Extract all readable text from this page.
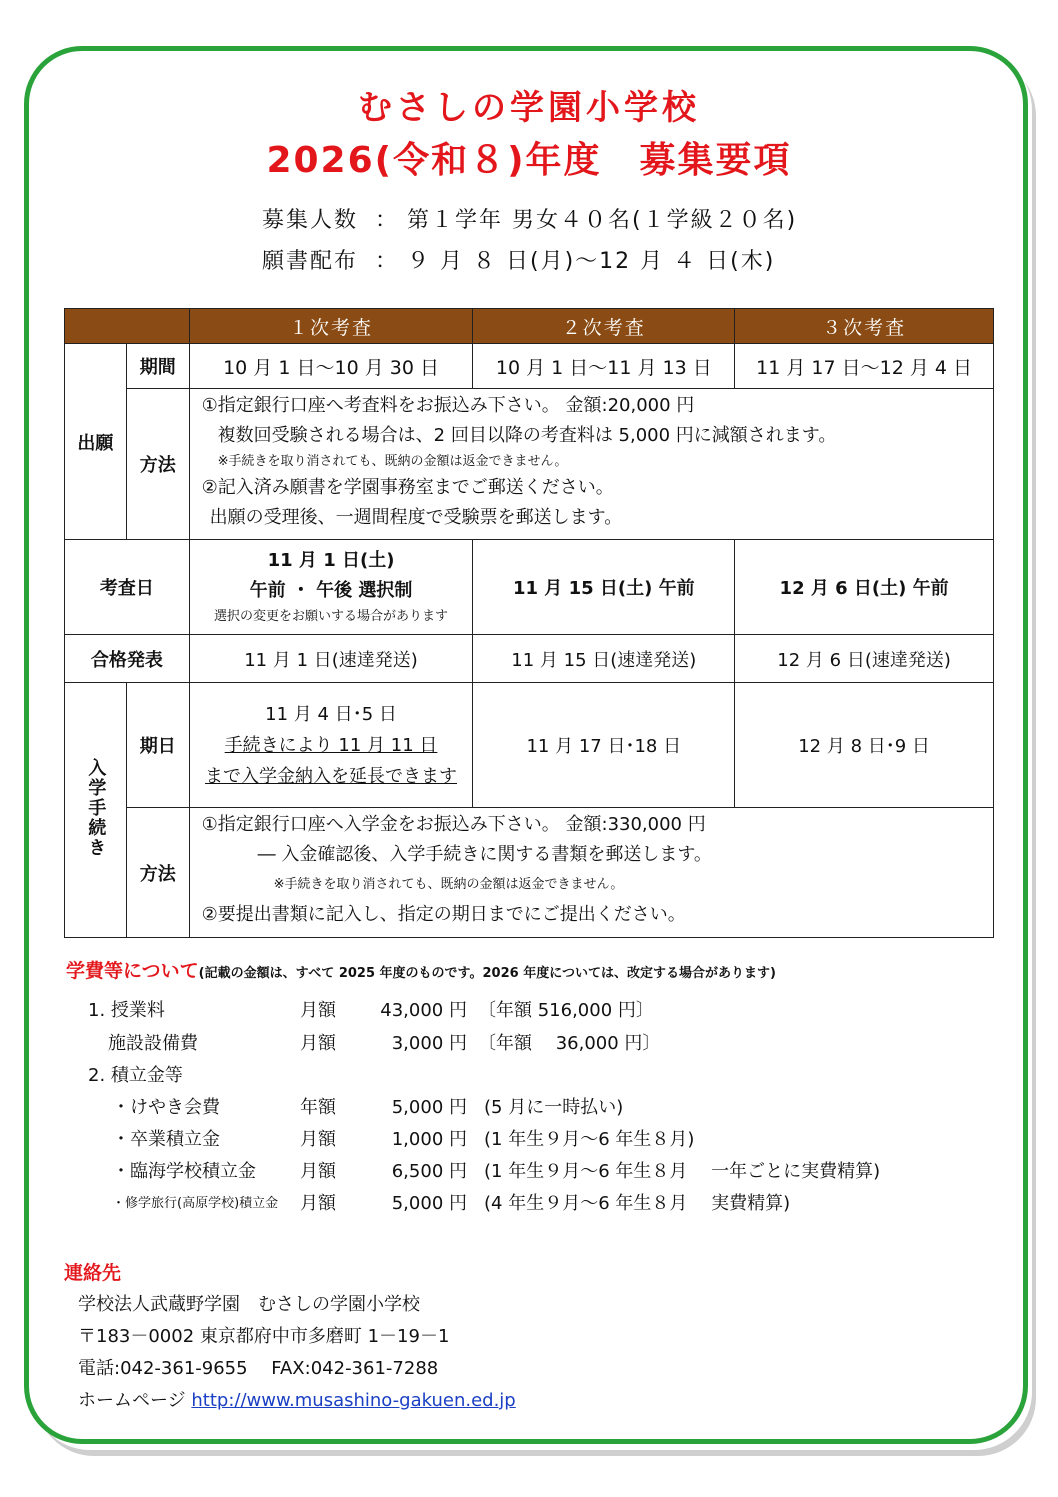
むさしの学園小学校
2026(令和８)年度　募集要項
募集人数 ： 第１学年 男女４０名(１学級２０名)
願書配布 ： ９ 月 ８ 日(月)～12 月 ４ 日(木)
		１次考査	２次考査	３次考査
出願	期間	10 月 1 日～10 月 30 日	10 月 1 日～11 月 13 日	11 月 17 日～12 月 4 日
	方法	①指定銀行口座へ考査料をお振込み下さい。 金額:20,000 円
複数回受験される場合は、2 回目以降の考査料は 5,000 円に減額されます。
※手続きを取り消されても、既納の金額は返金できません。
②記入済み願書を学園事務室までご郵送ください。
出願の受理後、一週間程度で受験票を郵送します。		

考査日		11 月 1 日(土)
午前 ・ 午後 選択制
選択の変更をお願いする場合があります	11 月 15 日(土) 午前	12 月 6 日(土) 午前
合格発表		11 月 1 日(速達発送)	11 月 15 日(速達発送)	12 月 6 日(速達発送)
入学手続き	期日	11 月 4 日･5 日
手続きにより 11 月 11 日
まで入学金納入を延長できます	11 月 17 日･18 日	12 月 8 日･9 日
	方法	①指定銀行口座へ入学金をお振込み下さい。 金額:330,000 円
― 入金確認後、入学手続きに関する書類を郵送します。
※手続きを取り消されても、既納の金額は返金できません。
②要提出書類に記入し、指定の期日までにご提出ください。		
学費等について(記載の金額は、すべて 2025 年度のものです。2026 年度については、改定する場合があります)
1. 授業料	月額	43,000 円 〔年額 516,000 円〕
施設設備費	月額	3,000 円 〔年額　 36,000 円〕
2. 積立金等
・けやき会費	年額	5,000 円 (5 月に一時払い)
・卒業積立金	月額	1,000 円 (1 年生９月～6 年生８月)
・臨海学校積立金 月額	6,500 円 (1 年生９月～6 年生８月　 一年ごとに実費精算)
・修学旅行(高原学校)積立金 月額	5,000 円 (4 年生９月～6 年生８月　 実費精算)
連絡先
学校法人武蔵野学園　むさしの学園小学校
〒183－0002 東京都府中市多磨町 1－19－1
電話:042-361-9655　 FAX:042-361-7288
ホームページ http://www.musashino-gakuen.ed.jp
